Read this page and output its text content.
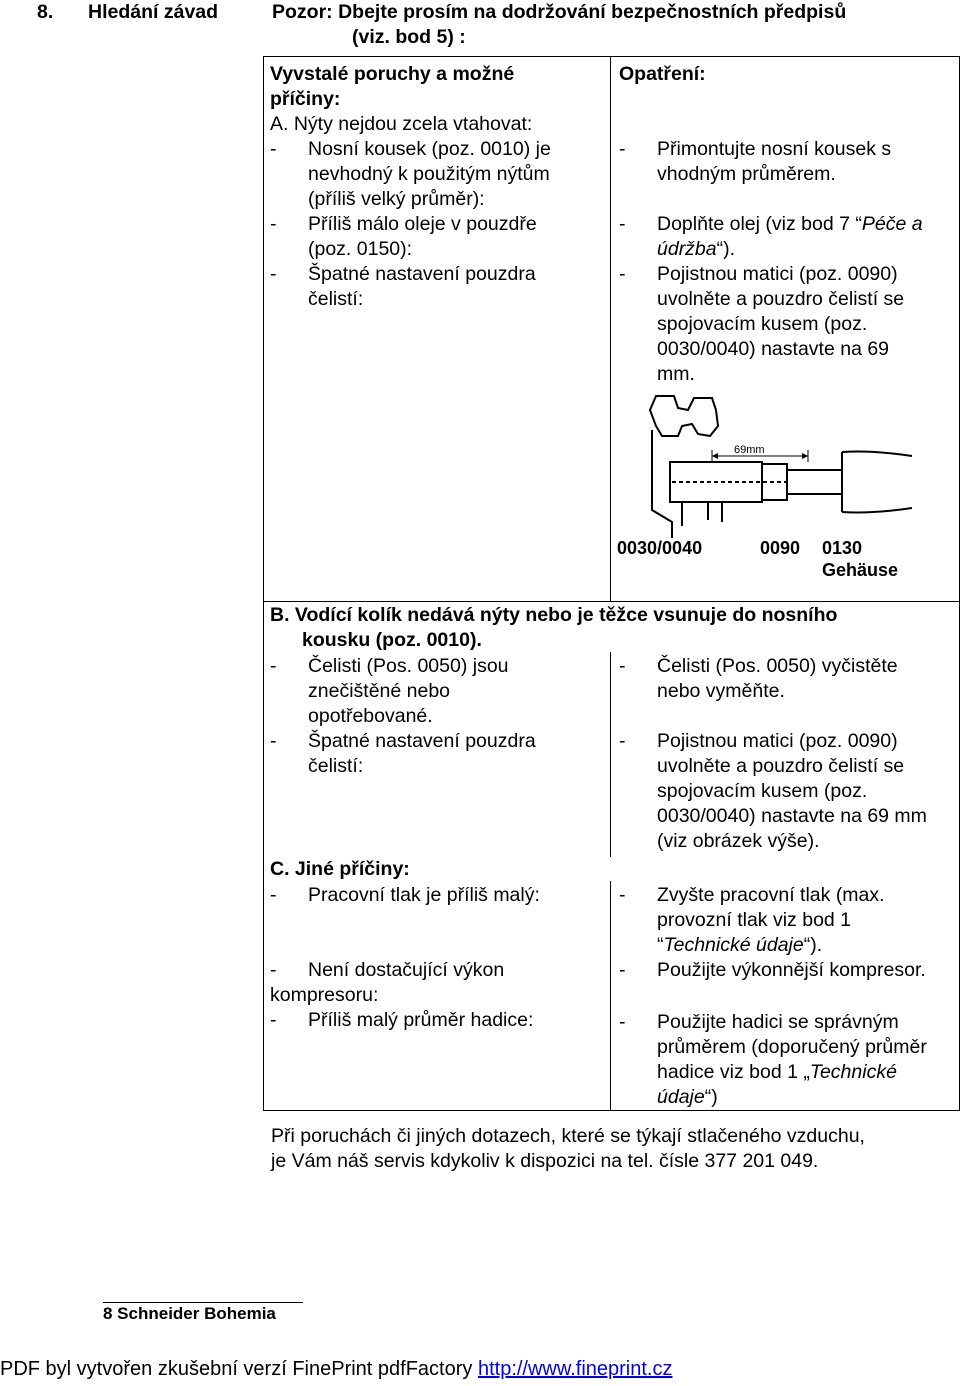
8. Hledání závad	Pozor: Dbejte prosím na dodržování bezpečnostních předpisů
(viz. bod 5) :
Vyvstalé poruchy a možné
příčiny:
Opatření:
A. Nýty nejdou zcela vtahovat:
- Nosní kousek (poz. 0010) je
nevhodný k použitým nýtům
(příliš velký průměr):
- Příliš málo oleje v pouzdře
(poz. 0150):
- Špatné nastavení pouzdra
čelistí:
- Přimontujte nosní kousek s
vhodným průměrem.
- Doplňte olej (viz bod 7 “Péče a
údržba“).
- Pojistnou matici (poz. 0090)
uvolněte a pouzdro čelistí se
spojovacím kusem (poz.
0030/0040) nastavte na 69
mm.
69mm
0030/0040	0090 0130
Gehäuse
B. Vodící kolík nedává nýty nebo je těžce vsunuje do nosního
kousku (poz. 0010).
- Čelisti (Pos. 0050) jsou
znečištěné nebo
opotřebované.
- Špatné nastavení pouzdra
čelistí:
- Čelisti (Pos. 0050) vyčistěte
nebo vyměňte.
- Pojistnou matici (poz. 0090)
uvolněte a pouzdro čelistí se
spojovacím kusem (poz.
0030/0040) nastavte na 69 mm
(viz obrázek výše).
C. Jiné příčiny:
- Pracovní tlak je příliš malý:
- Není dostačující výkon
kompresoru:
- Příliš malý průměr hadice:
- Zvyšte pracovní tlak (max.
provozní tlak viz bod 1
“Technické údaje“).
- Použijte výkonnější kompresor.
- Použijte hadici se správným
průměrem (doporučený průměr
hadice viz bod 1 „Technické
údaje“)
Při poruchách či jiných dotazech, které se týkají stlačeného vzduchu,
je Vám náš servis kdykoliv k dispozici na tel. čísle 377 201 049.
8 Schneider Bohemia
PDF byl vytvořen zkušební verzí FinePrint pdfFactory http://www.fineprint.cz
